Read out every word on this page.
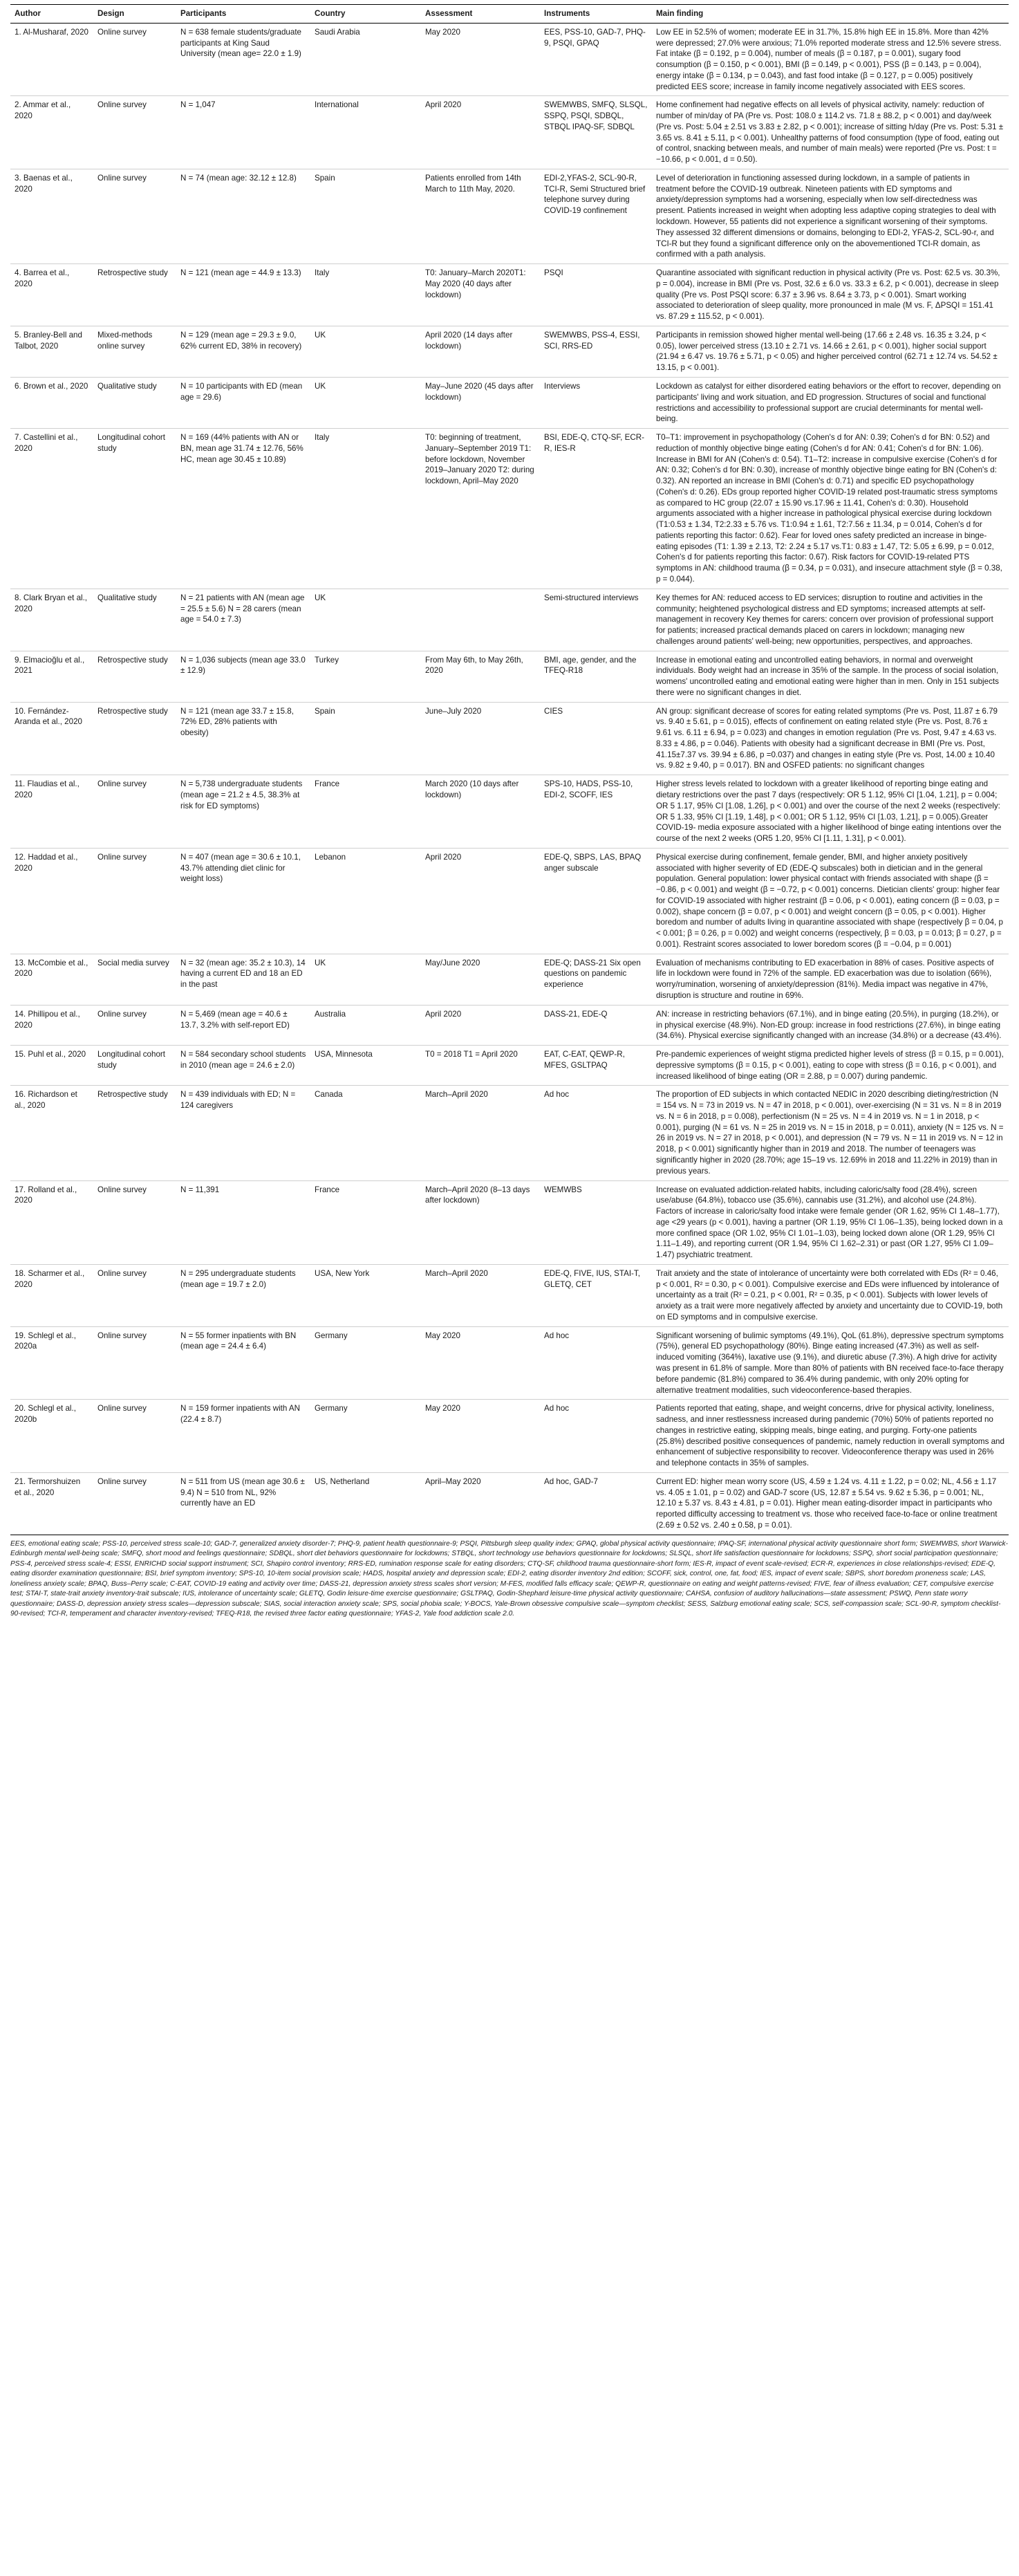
Author	Design	Participants	Country	Assessment	Instruments	Main finding

1. Al-Musharaf, 2020	Online survey	N = 638 female students/graduate participants at King Saud University (mean age= 22.0 ± 1.9)	Saudi Arabia	May 2020	EES, PSS-10, GAD-7, PHQ-9, PSQI, GPAQ	Low EE in 52.5% of women; moderate EE in 31.7%, 15.8% high EE in 15.8%. More than 42% were depressed; 27.0% were anxious; 71.0% reported moderate stress and 12.5% severe stress. Fat intake (β = 0.192, p = 0.004), number of meals (β = 0.187, p = 0.001), sugary food consumption (β = 0.150, p < 0.001), BMI (β = 0.149, p < 0.001), PSS (β = 0.143, p = 0.004), energy intake (β = 0.134, p = 0.043), and fast food intake (β = 0.127, p = 0.005) positively predicted EES score; increase in family income negatively associated with EES scores.

2. Ammar et al., 2020	Online survey	N = 1,047	International	April 2020	SWEMWBS, SMFQ, SLSQL, SSPQ, PSQI, SDBQL, STBQL IPAQ-SF, SDBQL	Home confinement had negative effects on all levels of physical activity, namely: reduction of number of min/day of PA (Pre vs. Post: 108.0 ± 114.2 vs. 71.8 ± 88.2, p < 0.001) and day/week (Pre vs. Post: 5.04 ± 2.51 vs 3.83 ± 2.82, p < 0.001); increase of sitting h/day (Pre vs. Post: 5.31 ± 3.65 vs. 8.41 ± 5.11, p < 0.001). Unhealthy patterns of food consumption (type of food, eating out of control, snacking between meals, and number of main meals) were reported (Pre vs. Post: t = −10.66, p < 0.001, d = 0.50).

3. Baenas et al., 2020	Online survey	N = 74 (mean age: 32.12 ± 12.8)	Spain	Patients enrolled from 14th March to 11th May, 2020.	EDI-2,YFAS-2, SCL-90-R, TCI-R, Semi Structured brief telephone survey during COVID-19 confinement	Level of deterioration in functioning assessed during lockdown, in a sample of patients in treatment before the COVID-19 outbreak. Nineteen patients with ED symptoms and anxiety/depression symptoms had a worsening, especially when low self-directedness was present. Patients increased in weight when adopting less adaptive coping strategies to deal with lockdown. However, 55 patients did not experience a significant worsening of their symptoms. They assessed 32 different dimensions or domains, belonging to EDI-2, YFAS-2, SCL-90-r, and TCI-R but they found a significant difference only on the abovementioned TCI-R domain, as confirmed with a path analysis.

4. Barrea et al., 2020	Retrospective study	N = 121 (mean age = 44.9 ± 13.3)	Italy	T0: January–March 2020T1: May 2020 (40 days after lockdown)	PSQI	Quarantine associated with significant reduction in physical activity (Pre vs. Post: 62.5 vs. 30.3%, p = 0.004), increase in BMI (Pre vs. Post, 32.6 ± 6.0 vs. 33.3 ± 6.2, p < 0.001), decrease in sleep quality (Pre vs. Post PSQI score: 6.37 ± 3.96 vs. 8.64 ± 3.73, p < 0.001). Smart working associated to deterioration of sleep quality, more pronounced in male (M vs. F, ΔPSQI = 151.41 vs. 87.29 ± 115.52, p < 0.001).

5. Branley-Bell and Talbot, 2020	Mixed-methods online survey	N = 129 (mean age = 29.3 ± 9.0, 62% current ED, 38% in recovery)	UK	April 2020 (14 days after lockdown)	SWEMWBS, PSS-4, ESSI, SCI, RRS-ED	Participants in remission showed higher mental well-being (17.66 ± 2.48 vs. 16.35 ± 3.24, p < 0.05), lower perceived stress (13.10 ± 2.71 vs. 14.66 ± 2.61, p < 0.001), higher social support (21.94 ± 6.47 vs. 19.76 ± 5.71, p < 0.05) and higher perceived control (62.71 ± 12.74 vs. 54.52 ± 13.15, p < 0.001).

6. Brown et al., 2020	Qualitative study	N = 10 participants with ED (mean age = 29.6)	UK	May–June 2020 (45 days after lockdown)	Interviews	Lockdown as catalyst for either disordered eating behaviors or the effort to recover, depending on participants' living and work situation, and ED progression. Structures of social and functional restrictions and accessibility to professional support are crucial determinants for mental well-being.

7. Castellini et al., 2020	Longitudinal cohort study	N = 169 (44% patients with AN or BN, mean age 31.74 ± 12.76, 56% HC, mean age 30.45 ± 10.89)	Italy	T0: beginning of treatment, January–September 2019 T1: before lockdown, November 2019–January 2020 T2: during lockdown, April–May 2020	BSI, EDE-Q, CTQ-SF, ECR-R, IES-R	T0–T1: improvement in psychopathology (Cohen's d for AN: 0.39; Cohen's d for BN: 0.52) and reduction of monthly objective binge eating (Cohen's d for AN: 0.41; Cohen's d for BN: 1.06). Increase in BMI for AN (Cohen's d: 0.54). T1–T2: increase in compulsive exercise (Cohen's d for AN: 0.32; Cohen's d for BN: 0.30), increase of monthly objective binge eating for BN (Cohen's d: 0.32). AN reported an increase in BMI (Cohen's d: 0.71) and specific ED psychopathology (Cohen's d: 0.26). EDs group reported higher COVID-19 related post-traumatic stress symptoms as compared to HC group (22.07 ± 15.90 vs.17.96 ± 11.41, Cohen's d: 0.30). Household arguments associated with a higher increase in pathological physical exercise during lockdown (T1:0.53 ± 1.34, T2:2.33 ± 5.76 vs. T1:0.94 ± 1.61, T2:7.56 ± 11.34, p = 0.014, Cohen's d for patients reporting this factor: 0.62). Fear for loved ones safety predicted an increase in binge-eating episodes (T1: 1.39 ± 2.13, T2: 2.24 ± 5.17 vs.T1: 0.83 ± 1.47, T2: 5.05 ± 6.99, p = 0.012, Cohen's d for patients reporting this factor: 0.67). Risk factors for COVID-19-related PTS symptoms in AN: childhood trauma (β = 0.34, p = 0.031), and insecure attachment style (β = 0.38, p = 0.044).

8. Clark Bryan et al., 2020	Qualitative study	N = 21 patients with AN (mean age = 25.5 ± 5.6) N = 28 carers (mean age = 54.0 ± 7.3)	UK		Semi-structured interviews	Key themes for AN: reduced access to ED services; disruption to routine and activities in the community; heightened psychological distress and ED symptoms; increased attempts at self-management in recovery Key themes for carers: concern over provision of professional support for patients; increased practical demands placed on carers in lockdown; managing new challenges around patients' well-being; new opportunities, perspectives, and approaches.

9. Elmacioğlu et al., 2021	Retrospective study	N = 1,036 subjects (mean age 33.0 ± 12.9)	Turkey	From May 6th, to May 26th, 2020	BMI, age, gender, and the TFEQ-R18	Increase in emotional eating and uncontrolled eating behaviors, in normal and overweight individuals. Body weight had an increase in 35% of the sample. In the process of social isolation, womens' uncontrolled eating and emotional eating were higher than in men. Only in 151 subjects there were no significant changes in diet.

10. Fernández-Aranda et al., 2020	Retrospective study	N = 121 (mean age 33.7 ± 15.8, 72% ED, 28% patients with obesity)	Spain	June–July 2020	CIES	AN group: significant decrease of scores for eating related symptoms (Pre vs. Post, 11.87 ± 6.79 vs. 9.40 ± 5.61, p = 0.015), effects of confinement on eating related style (Pre vs. Post, 8.76 ± 9.61 vs. 6.11 ± 6.94, p = 0.023) and changes in emotion regulation (Pre vs. Post, 9.47 ± 4.63 vs. 8.33 ± 4.86, p = 0.046). Patients with obesity had a significant decrease in BMI (Pre vs. Post, 41.15±7.37 vs. 39.94 ± 6.86, p =0.037) and changes in eating style (Pre vs. Post, 14.00 ± 10.40 vs. 9.82 ± 9.40, p = 0.017). BN and OSFED patients: no significant changes

11. Flaudias et al., 2020	Online survey	N = 5,738 undergraduate students (mean age = 21.2 ± 4.5, 38.3% at risk for ED symptoms)	France	March 2020 (10 days after lockdown)	SPS-10, HADS, PSS-10, EDI-2, SCOFF, IES	Higher stress levels related to lockdown with a greater likelihood of reporting binge eating and dietary restrictions over the past 7 days (respectively: OR 5 1.12, 95% CI [1.04, 1.21], p = 0.004; OR 5 1.17, 95% CI [1.08, 1.26], p < 0.001) and over the course of the next 2 weeks (respectively: OR 5 1.33, 95% CI [1.19, 1.48], p < 0.001; OR 5 1.12, 95% CI [1.03, 1.21], p = 0.005).Greater COVID-19- media exposure associated with a higher likelihood of binge eating intentions over the course of the next 2 weeks (OR5 1.20, 95% CI [1.11, 1.31], p < 0.001).

12. Haddad et al., 2020	Online survey	N = 407 (mean age = 30.6 ± 10.1, 43.7% attending diet clinic for weight loss)	Lebanon	April 2020	EDE-Q, SBPS, LAS, BPAQ anger subscale	Physical exercise during confinement, female gender, BMI, and higher anxiety positively associated with higher severity of ED (EDE-Q subscales) both in dietician and in the general population. General population: lower physical contact with friends associated with shape (β = −0.86, p < 0.001) and weight (β = −0.72, p < 0.001) concerns. Dietician clients' group: higher fear for COVID-19 associated with higher restraint (β = 0.06, p < 0.001), eating concern (β = 0.03, p = 0.002), shape concern (β = 0.07, p < 0.001) and weight concern (β = 0.05, p < 0.001). Higher boredom and number of adults living in quarantine associated with shape (respectively β = 0.04, p < 0.001; β = 0.26, p = 0.002) and weight concerns (respectively, β = 0.03, p = 0.013; β = 0.27, p = 0.001). Restraint scores associated to lower boredom scores (β = −0.04, p = 0.001)

13. McCombie et al., 2020	Social media survey	N = 32 (mean age: 35.2 ± 10.3), 14 having a current ED and 18 an ED in the past	UK	May/June 2020	EDE-Q; DASS-21 Six open questions on pandemic experience	Evaluation of mechanisms contributing to ED exacerbation in 88% of cases. Positive aspects of life in lockdown were found in 72% of the sample. ED exacerbation was due to isolation (66%), worry/rumination, worsening of anxiety/depression (81%). Media impact was negative in 47%, disruption is structure and routine in 69%.

14. Phillipou et al., 2020	Online survey	N = 5,469 (mean age = 40.6 ± 13.7, 3.2% with self-report ED)	Australia	April 2020	DASS-21, EDE-Q	AN: increase in restricting behaviors (67.1%), and in binge eating (20.5%), in purging (18.2%), or in physical exercise (48.9%). Non-ED group: increase in food restrictions (27.6%), in binge eating (34.6%). Physical exercise significantly changed with an increase (34.8%) or a decrease (43.4%).

15. Puhl et al., 2020	Longitudinal cohort study	N = 584 secondary school students in 2010 (mean age = 24.6 ± 2.0)	USA, Minnesota	T0 = 2018 T1 = April 2020	EAT, C-EAT, QEWP-R, MFES, GSLTPAQ	Pre-pandemic experiences of weight stigma predicted higher levels of stress (β = 0.15, p = 0.001), depressive symptoms (β = 0.15, p < 0.001), eating to cope with stress (β = 0.16, p < 0.001), and increased likelihood of binge eating (OR = 2.88, p = 0.007) during pandemic.

16. Richardson et al., 2020	Retrospective study	N = 439 individuals with ED; N = 124 caregivers	Canada	March–April 2020	Ad hoc	The proportion of ED subjects in which contacted NEDIC in 2020 describing dieting/restriction (N = 154 vs. N = 73 in 2019 vs. N = 47 in 2018, p < 0.001), over-exercising (N = 31 vs. N = 8 in 2019 vs. N = 6 in 2018, p = 0.008), perfectionism (N = 25 vs. N = 4 in 2019 vs. N = 1 in 2018, p < 0.001), purging (N = 61 vs. N = 25 in 2019 vs. N = 15 in 2018, p = 0.011), anxiety (N = 125 vs. N = 26 in 2019 vs. N = 27 in 2018, p < 0.001), and depression (N = 79 vs. N = 11 in 2019 vs. N = 12 in 2018, p < 0.001) significantly higher than in 2019 and 2018. The number of teenagers was significantly higher in 2020 (28.70%; age 15–19 vs. 12.69% in 2018 and 11.22% in 2019) than in previous years.

17. Rolland et al., 2020	Online survey	N = 11,391	France	March–April 2020 (8–13 days after lockdown)	WEMWBS	Increase on evaluated addiction-related habits, including caloric/salty food (28.4%), screen use/abuse (64.8%), tobacco use (35.6%), cannabis use (31.2%), and alcohol use (24.8%). Factors of increase in caloric/salty food intake were female gender (OR 1.62, 95% CI 1.48–1.77), age <29 years (p < 0.001), having a partner (OR 1.19, 95% CI 1.06–1.35), being locked down in a more confined space (OR 1.02, 95% CI 1.01–1.03), being locked down alone (OR 1.29, 95% CI 1.11–1.49), and reporting current (OR 1.94, 95% CI 1.62–2.31) or past (OR 1.27, 95% CI 1.09–1.47) psychiatric treatment.

18. Scharmer et al., 2020	Online survey	N = 295 undergraduate students (mean age = 19.7 ± 2.0)	USA, New York	March–April 2020	EDE-Q, FIVE, IUS, STAI-T, GLETQ, CET	Trait anxiety and the state of intolerance of uncertainty were both correlated with EDs (R² = 0.46, p < 0.001, R² = 0.30, p < 0.001). Compulsive exercise and EDs were influenced by intolerance of uncertainty as a trait (R² = 0.21, p < 0.001, R² = 0.35, p < 0.001). Subjects with lower levels of anxiety as a trait were more negatively affected by anxiety and uncertainty due to COVID-19, both on ED symptoms and in compulsive exercise.

19. Schlegl et al., 2020a	Online survey	N = 55 former inpatients with BN (mean age = 24.4 ± 6.4)	Germany	May 2020	Ad hoc	Significant worsening of bulimic symptoms (49.1%), QoL (61.8%), depressive spectrum symptoms (75%), general ED psychopathology (80%). Binge eating increased (47.3%) as well as self-induced vomiting (364%), laxative use (9.1%), and diuretic abuse (7.3%). A high drive for activity was present in 61.8% of sample. More than 80% of patients with BN received face-to-face therapy before pandemic (81.8%) compared to 36.4% during pandemic, with only 20% opting for alternative treatment modalities, such videoconference-based therapies.

20. Schlegl et al., 2020b	Online survey	N = 159 former inpatients with AN (22.4 ± 8.7)	Germany	May 2020	Ad hoc	Patients reported that eating, shape, and weight concerns, drive for physical activity, loneliness, sadness, and inner restlessness increased during pandemic (70%) 50% of patients reported no changes in restrictive eating, skipping meals, binge eating, and purging. Forty-one patients (25.8%) described positive consequences of pandemic, namely reduction in overall symptoms and enhancement of subjective responsibility to recover. Videoconference therapy was used in 26% and telephone contacts in 35% of samples.

21. Termorshuizen et al., 2020	Online survey	N = 511 from US (mean age 30.6 ± 9.4) N = 510 from NL, 92% currently have an ED	US, Netherland	April–May 2020	Ad hoc, GAD-7	Current ED: higher mean worry score (US, 4.59 ± 1.24 vs. 4.11 ± 1.22, p = 0.02; NL, 4.56 ± 1.17 vs. 4.05 ± 1.01, p = 0.02) and GAD-7 score (US, 12.87 ± 5.54 vs. 9.62 ± 5.36, p = 0.001; NL, 12.10 ± 5.37 vs. 8.43 ± 4.81, p = 0.01). Higher mean eating-disorder impact in participants who reported difficulty accessing to treatment vs. those who received face-to-face or online treatment (2.69 ± 0.52 vs. 2.40 ± 0.58, p = 0.01).
EES, emotional eating scale; PSS-10, perceived stress scale-10; GAD-7, generalized anxiety disorder-7; PHQ-9, patient health questionnaire-9; PSQI, Pittsburgh sleep quality index; GPAQ, global physical activity questionnaire; IPAQ-SF, international physical activity questionnaire short form; SWEMWBS, short Warwick-Edinburgh mental well-being scale; SMFQ, short mood and feelings questionnaire; SDBQL, short diet behaviors questionnaire for lockdowns; STBQL, short technology use behaviors questionnaire for lockdowns; SLSQL, short life satisfaction questionnaire for lockdowns; SSPQ, short social participation questionnaire; PSS-4, perceived stress scale-4; ESSI, ENRICHD social support instrument; SCI, Shapiro control inventory; RRS-ED, rumination response scale for eating disorders; CTQ-SF, childhood trauma questionnaire-short form; IES-R, impact of event scale-revised; ECR-R, experiences in close relationships-revised; EDE-Q, eating disorder examination questionnaire; BSI, brief symptom inventory; SPS-10, 10-item social provision scale; HADS, hospital anxiety and depression scale; EDI-2, eating disorder inventory 2nd edition; SCOFF, sick, control, one, fat, food; IES, impact of event scale; SBPS, short boredom proneness scale; LAS, loneliness anxiety scale; BPAQ, Buss–Perry scale; C-EAT, COVID-19 eating and activity over time; DASS-21, depression anxiety stress scales short version; M-FES, modified falls efficacy scale; QEWP-R, questionnaire on eating and weight patterns-revised; FIVE, fear of illness evaluation; CET, compulsive exercise test; STAI-T, state-trait anxiety inventory-trait subscale; IUS, intolerance of uncertainty scale; GLETQ, Godin leisure-time exercise questionnaire; GSLTPAQ, Godin-Shephard leisure-time physical activity questionnaire; CAHSA, confusion of auditory hallucinations—state assessment; PSWQ, Penn state worry questionnaire; DASS-D, depression anxiety stress scales—depression subscale; SIAS, social interaction anxiety scale; SPS, social phobia scale; Y-BOCS, Yale-Brown obsessive compulsive scale—symptom checklist; SESS, Salzburg emotional eating scale; SCS, self-compassion scale; SCL-90-R, symptom checklist-90-revised; TCI-R, temperament and character inventory-revised; TFEQ-R18, the revised three factor eating questionnaire; YFAS-2, Yale food addiction scale 2.0.
